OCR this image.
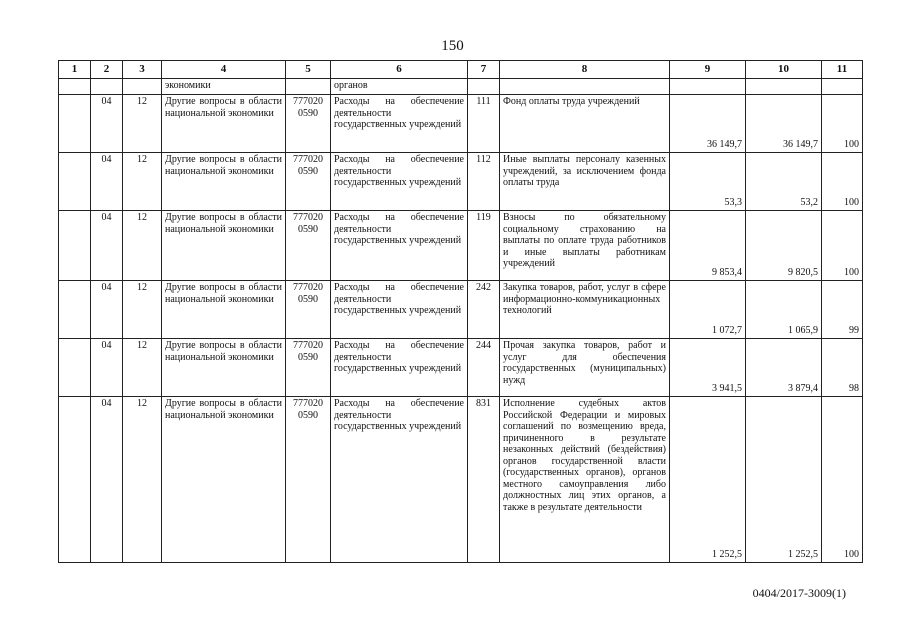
150
1	2	3	4	5	6	7	8	9	10	11
			экономики		органов					
	04	12	Другие вопросы в области национальной экономики	777020 0590	Расходы на обеспечение деятельности государственных учреждений	111	Фонд оплаты труда учреждений	36 149,7	36 149,7	100
	04	12	Другие вопросы в области национальной экономики	777020 0590	Расходы на обеспечение деятельности государственных учреждений	112	Иные выплаты персоналу казенных учреждений, за исключением фонда оплаты труда	53,3	53,2	100
	04	12	Другие вопросы в области национальной экономики	777020 0590	Расходы на обеспечение деятельности государственных учреждений	119	Взносы по обязательному социальному страхованию на выплаты по оплате труда работников и иные выплаты работникам учреждений	9 853,4	9 820,5	100
	04	12	Другие вопросы в области национальной экономики	777020 0590	Расходы на обеспечение деятельности государственных учреждений	242	Закупка товаров, работ, услуг в сфере информационно-коммуникационных технологий	1 072,7	1 065,9	99
	04	12	Другие вопросы в области национальной экономики	777020 0590	Расходы на обеспечение деятельности государственных учреждений	244	Прочая закупка товаров, работ и услуг для обеспечения государственных (муниципальных) нужд	3 941,5	3 879,4	98
	04	12	Другие вопросы в области национальной экономики	777020 0590	Расходы на обеспечение деятельности государственных учреждений	831	Исполнение судебных актов Российской Федерации и мировых соглашений по возмещению вреда, причиненного в результате незаконных действий (бездействия) органов государственной власти (государственных органов), органов местного самоуправления либо должностных лиц этих органов, а также в результате деятельности	1 252,5	1 252,5	100
0404/2017-3009(1)
